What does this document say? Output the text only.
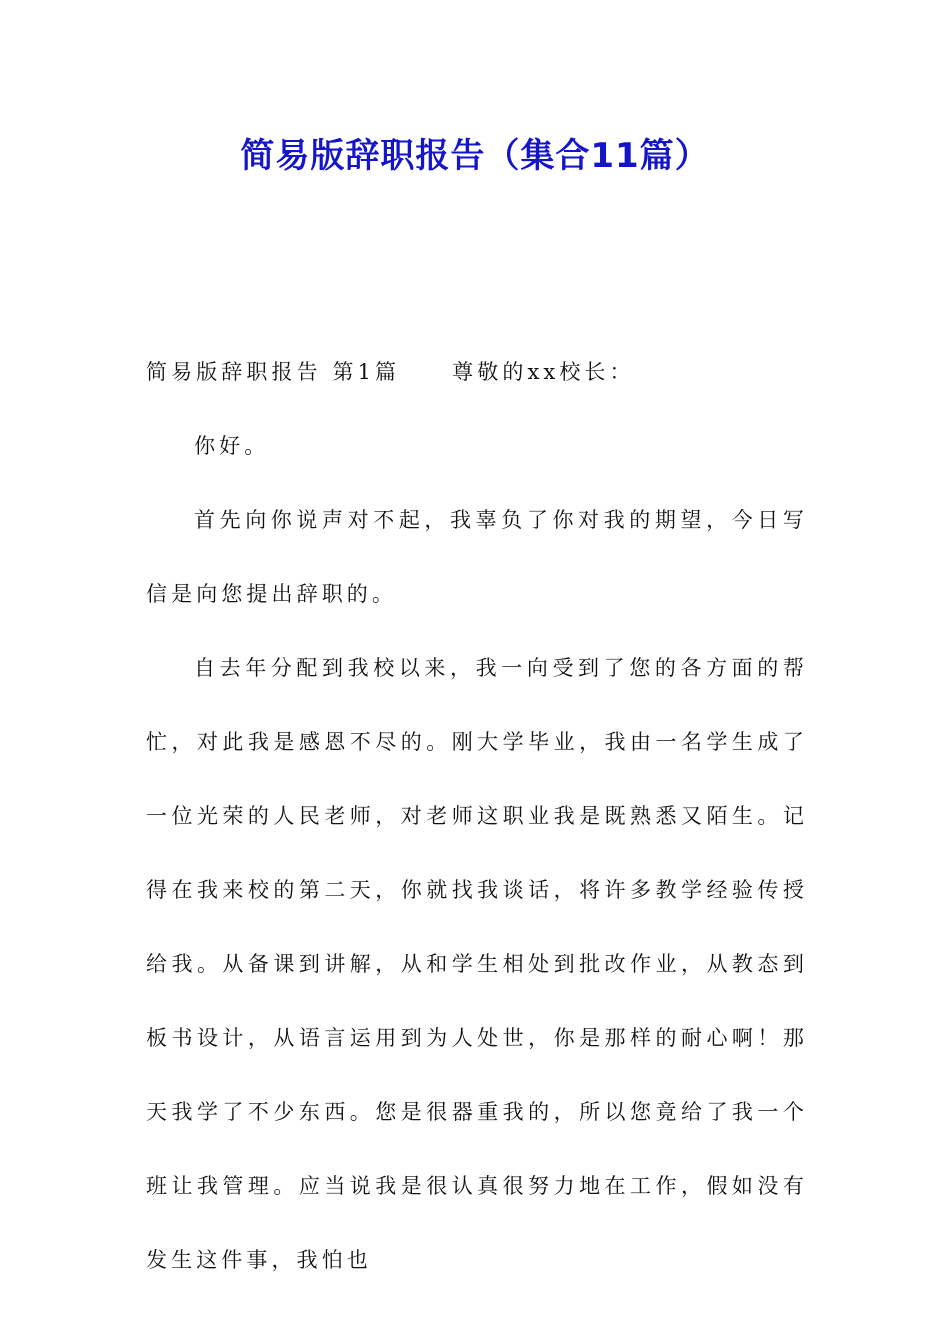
简易版辞职报告（集合11篇）

简易版辞职报告 第1篇 尊敬的xx校长：

你好。

首先向你说声对不起，我辜负了你对我的期望，今日写信是向您提出辞职的。

自去年分配到我校以来，我一向受到了您的各方面的帮忙，对此我是感恩不尽的。刚大学毕业，我由一名学生成了一位光荣的人民老师，对老师这职业我是既熟悉又陌生。记得在我来校的第二天，你就找我谈话，将许多教学经验传授给我。从备课到讲解，从和学生相处到批改作业，从教态到板书设计，从语言运用到为人处世，你是那样的耐心啊！那天我学了不少东西。您是很器重我的，所以您竟给了我一个班让我管理。应当说我是很认真很努力地在工作，假如没有发生这件事，我怕也
